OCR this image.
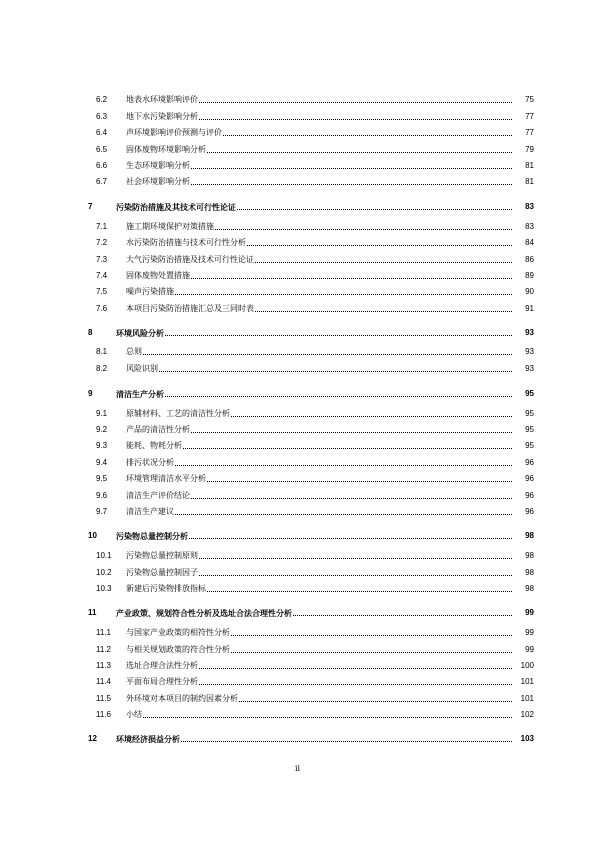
6.2 地表水环境影响评价	75
6.3 地下水污染影响分析	77
6.4 声环境影响评价预测与评价	77
6.5 固体废物环境影响分析	79
6.6 生态环境影响分析	81
6.7 社会环境影响分析	81
7	污染防治措施及其技术可行性论证	83
7.1 施工期环境保护对策措施	83
7.2 水污染防治措施与技术可行性分析	84
7.3 大气污染防治措施及技术可行性论证	86
7.4 固体废物处置措施	89
7.5 噪声污染措施	90
7.6 本项目污染防治措施汇总及三同时表	91
8	环境风险分析	93
8.1 总则	93
8.2 风险识别	93
9	清洁生产分析	95
9.1 原辅材料、工艺的清洁性分析	95
9.2 产品的清洁性分析	95
9.3 能耗、物耗分析	95
9.4 排污状况分析	96
9.5 环境管理清洁水平分析	96
9.6 清洁生产评价结论	96
9.7 清洁生产建议	96
10 污染物总量控制分析	98
10.1 污染物总量控制原则	98
10.2 污染物总量控制因子	98
10.3 新建后污染物排放指标	98
11 产业政策、规划符合性分析及选址合法合理性分析	99
11.1 与国家产业政策的相符性分析	99
11.2 与相关规划政策的符合性分析	99
11.3 选址合理合法性分析	100
11.4 平面布局合理性分析	101
11.5 外环境对本项目的制约因素分析	101
11.6 小结	102
12 环境经济损益分析	103
ii
